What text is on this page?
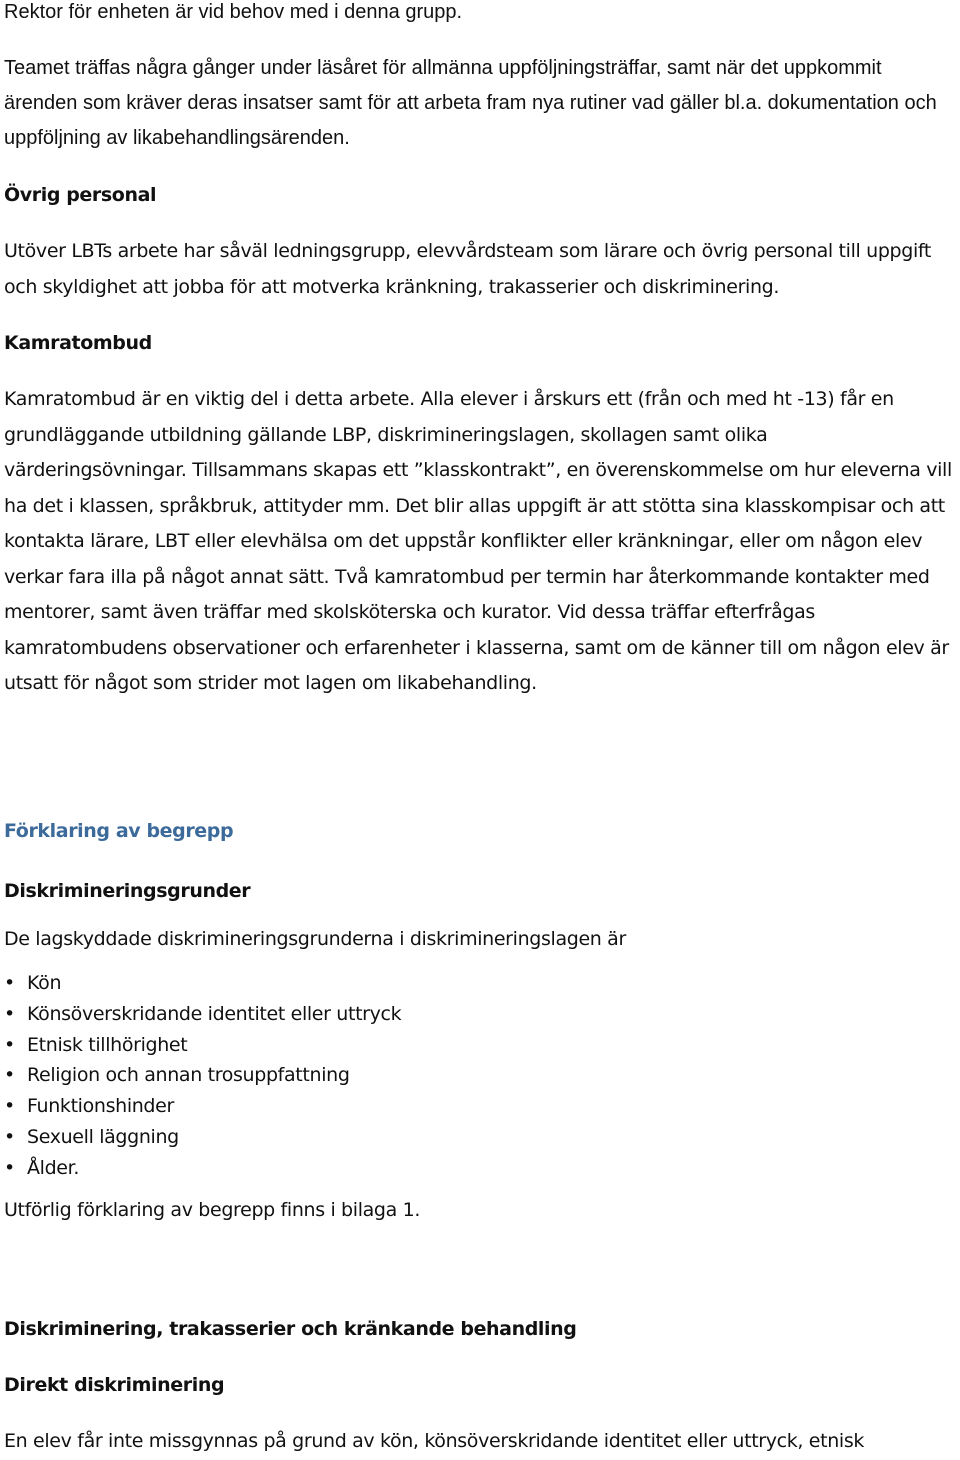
Rektor för enheten är vid behov med i denna grupp.

Teamet träffas några gånger under läsåret för allmänna uppföljningsträffar, samt när det uppkommit ärenden som kräver deras insatser samt för att arbeta fram nya rutiner vad gäller bl.a. dokumentation och uppföljning av likabehandlingsärenden.

Övrig personal

Utöver LBTs arbete har såväl ledningsgrupp, elevvårdsteam som lärare och övrig personal till uppgift och skyldighet att jobba för att motverka kränkning, trakasserier och diskriminering.

Kamratombud

Kamratombud är en viktig del i detta arbete. Alla elever i årskurs ett (från och med ht -13) får en grundläggande utbildning gällande LBP, diskrimineringslagen, skollagen samt olika värderingsövningar. Tillsammans skapas ett ”klasskontrakt”, en överenskommelse om hur eleverna vill ha det i klassen, språkbruk, attityder mm. Det blir allas uppgift är att stötta sina klasskompisar och att kontakta lärare, LBT eller elevhälsa om det uppstår konflikter eller kränkningar, eller om någon elev verkar fara illa på något annat sätt. Två kamratombud per termin har återkommande kontakter med mentorer, samt även träffar med skolsköterska och kurator. Vid dessa träffar efterfrågas kamratombudens observationer och erfarenheter i klasserna, samt om de känner till om någon elev är utsatt för något som strider mot lagen om likabehandling.

Förklaring av begrepp
Diskrimineringsgrunder

De lagskyddade diskrimineringsgrunderna i diskrimineringslagen är

• Kön
• Könsöverskridande identitet eller uttryck
• Etnisk tillhörighet
• Religion och annan trosuppfattning
• Funktionshinder
• Sexuell läggning
• Ålder.

Utförlig förklaring av begrepp finns i bilaga 1.

Diskriminering, trakasserier och kränkande behandling
Direkt diskriminering

En elev får inte missgynnas på grund av kön, könsöverskridande identitet eller uttryck, etnisk
